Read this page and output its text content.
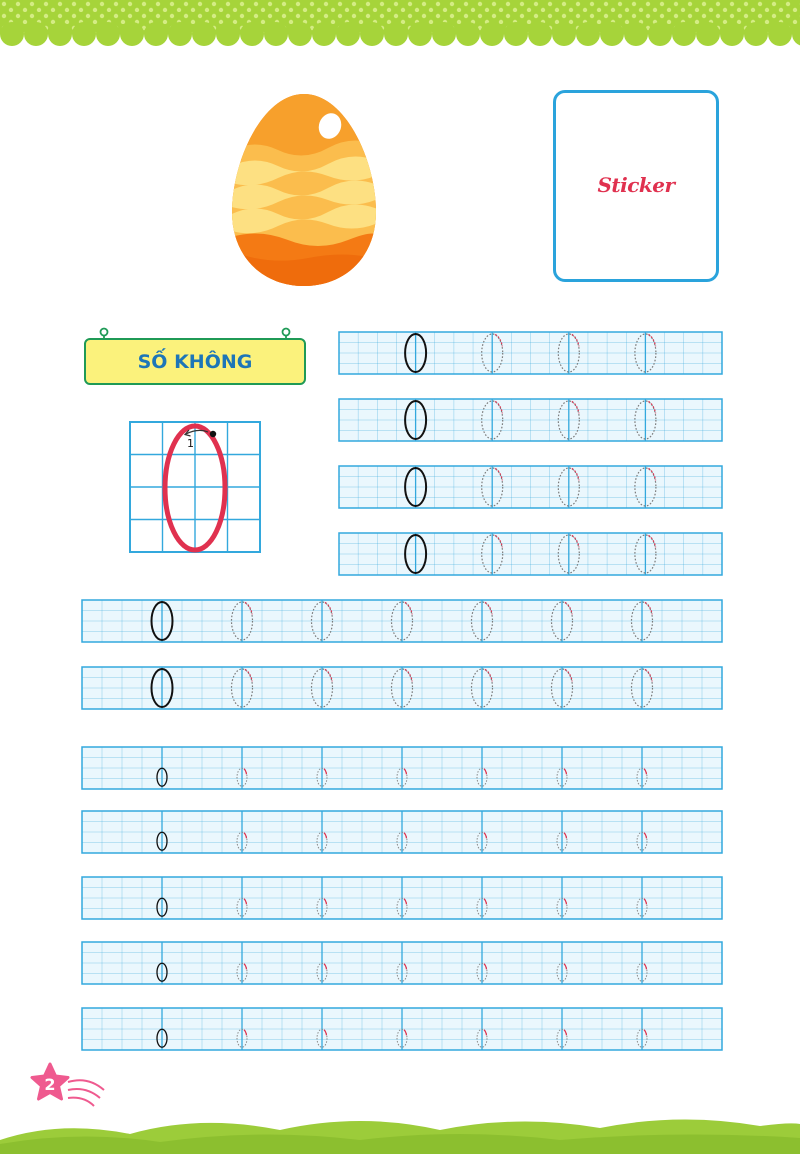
Sticker
SỐ KHÔNG
1
2
